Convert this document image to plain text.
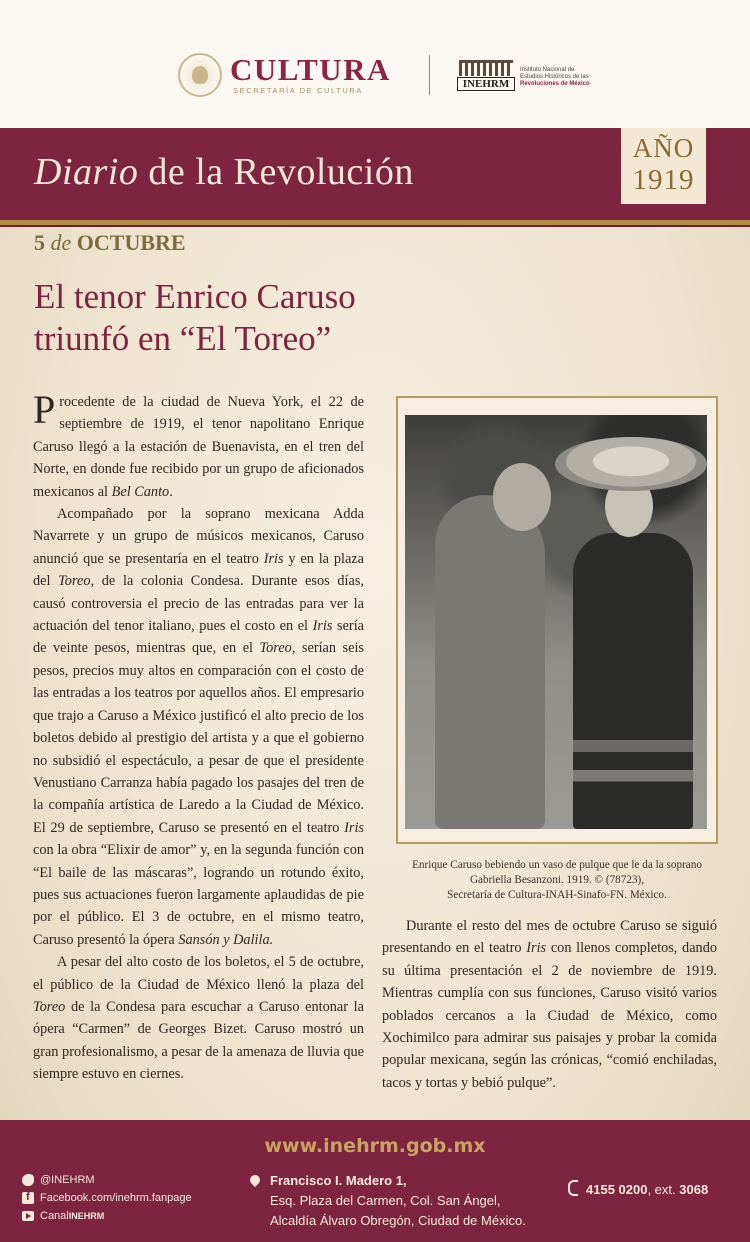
CULTURA
SECRETARÍA DE CULTURA
INEHRM
Instituto Nacional de
Estudios Históricos de las
Revoluciones de México
Diario de la Revolución
AÑO
1919
5 de OCTUBRE
El tenor Enrico Caruso
triunfó en “El Toreo”

Procedente de la ciudad de Nueva York, el 22 de septiembre de 1919, el tenor napolitano Enrique Caruso llegó a la estación de Buenavista, en el tren del Norte, en donde fue recibido por un grupo de aficionados mexicanos al Bel Canto.

Acompañado por la soprano mexicana Adda Navarrete y un grupo de músicos mexicanos, Caruso anunció que se presentaría en el teatro Iris y en la plaza del Toreo, de la colonia Condesa. Durante esos días, causó controversia el precio de las entradas para ver la actuación del tenor italiano, pues el costo en el Iris sería de veinte pesos, mientras que, en el Toreo, serían seis pesos, precios muy altos en comparación con el costo de las entradas a los teatros por aquellos años. El empresario que trajo a Caruso a México justificó el alto precio de los boletos debido al prestigio del artista y a que el gobierno no subsidió el espectáculo, a pesar de que el presidente Venustiano Carranza había pagado los pasajes del tren de la compañía artística de Laredo a la Ciudad de México. El 29 de septiembre, Caruso se presentó en el teatro Iris con la obra “Elixir de amor” y, en la segunda función con “El baile de las máscaras”, logrando un rotundo éxito, pues sus actuaciones fueron largamente aplaudidas de pie por el público. El 3 de octubre, en el mismo teatro, Caruso presentó la ópera Sansón y Dalila.

A pesar del alto costo de los boletos, el 5 de octubre, el público de la Ciudad de México llenó la plaza del Toreo de la Condesa para escuchar a Caruso entonar la ópera “Carmen” de Georges Bizet. Caruso mostró un gran profesionalismo, a pesar de la amenaza de lluvia que siempre estuvo en ciernes.

Enrique Caruso bebiendo un vaso de pulque que le da la soprano
Gabriella Besanzoni. 1919. © (78723),
Secretaría de Cultura-INAH-Sinafo-FN. México.

Durante el resto del mes de octubre Caruso se siguió presentando en el teatro Iris con llenos completos, dando su última presentación el 2 de noviembre de 1919. Mientras cumplía con sus funciones, Caruso visitó varios poblados cercanos a la Ciudad de México, como Xochimilco para admirar sus paisajes y probar la comida popular mexicana, según las crónicas, “comió enchiladas, tacos y tortas y bebió pulque”.

www.inehrm.gob.mx
@INEHRM
f
Facebook.com/inehrm.fanpage
Canal INEHRM
Francisco I. Madero 1,
Esq. Plaza del Carmen, Col. San Ángel,
Alcaldía Álvaro Obregón, Ciudad de México.
4155 0200, ext. 3068
